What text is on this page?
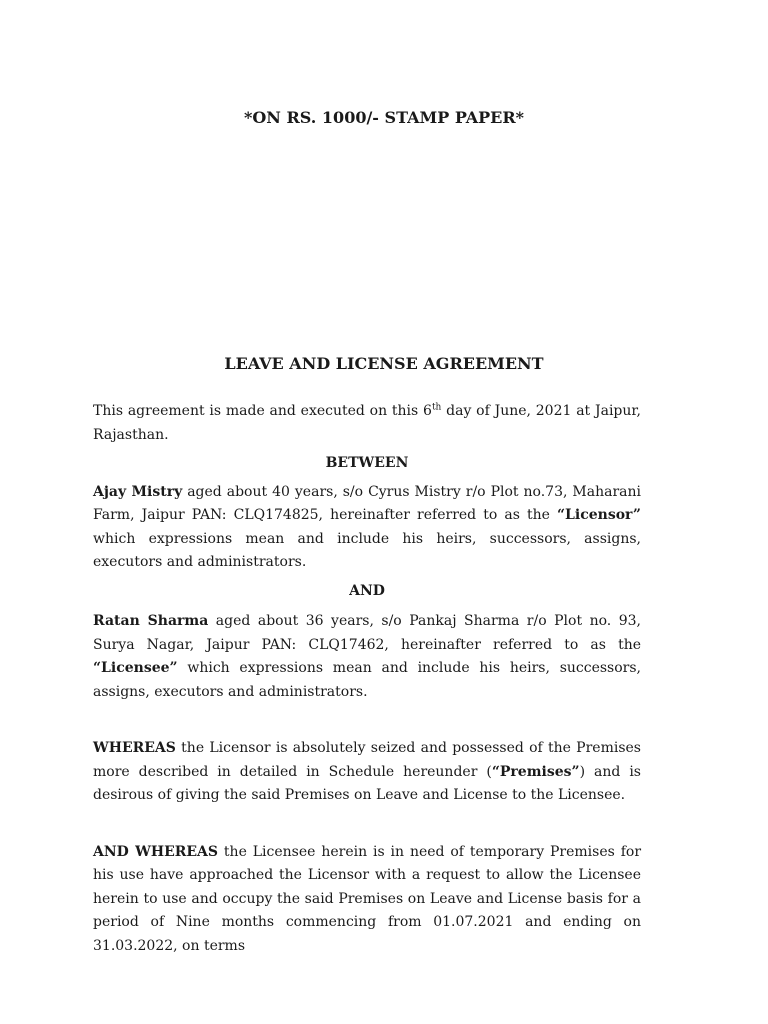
*ON RS. 1000/- STAMP PAPER*
LEAVE AND LICENSE AGREEMENT

This agreement is made and executed on this 6th day of June, 2021 at Jaipur, Rajasthan.

BETWEEN

Ajay Mistry aged about 40 years, s/o Cyrus Mistry r/o Plot no.73, Maharani Farm, Jaipur PAN: CLQ174825, hereinafter referred to as the “Licensor” which expressions mean and include his heirs, successors, assigns, executors and administrators.

AND

Ratan Sharma aged about 36 years, s/o Pankaj Sharma r/o Plot no. 93, Surya Nagar, Jaipur PAN: CLQ17462, hereinafter referred to as the “Licensee” which expressions mean and include his heirs, successors, assigns, executors and administrators.

WHEREAS the Licensor is absolutely seized and possessed of the Premises more described in detailed in Schedule hereunder (“Premises”) and is desirous of giving the said Premises on Leave and License to the Licensee.

AND WHEREAS the Licensee herein is in need of temporary Premises for his use have approached the Licensor with a request to allow the Licensee herein to use and occupy the said Premises on Leave and License basis for a period of Nine months commencing from 01.07.2021 and ending on 31.03.2022, on terms
